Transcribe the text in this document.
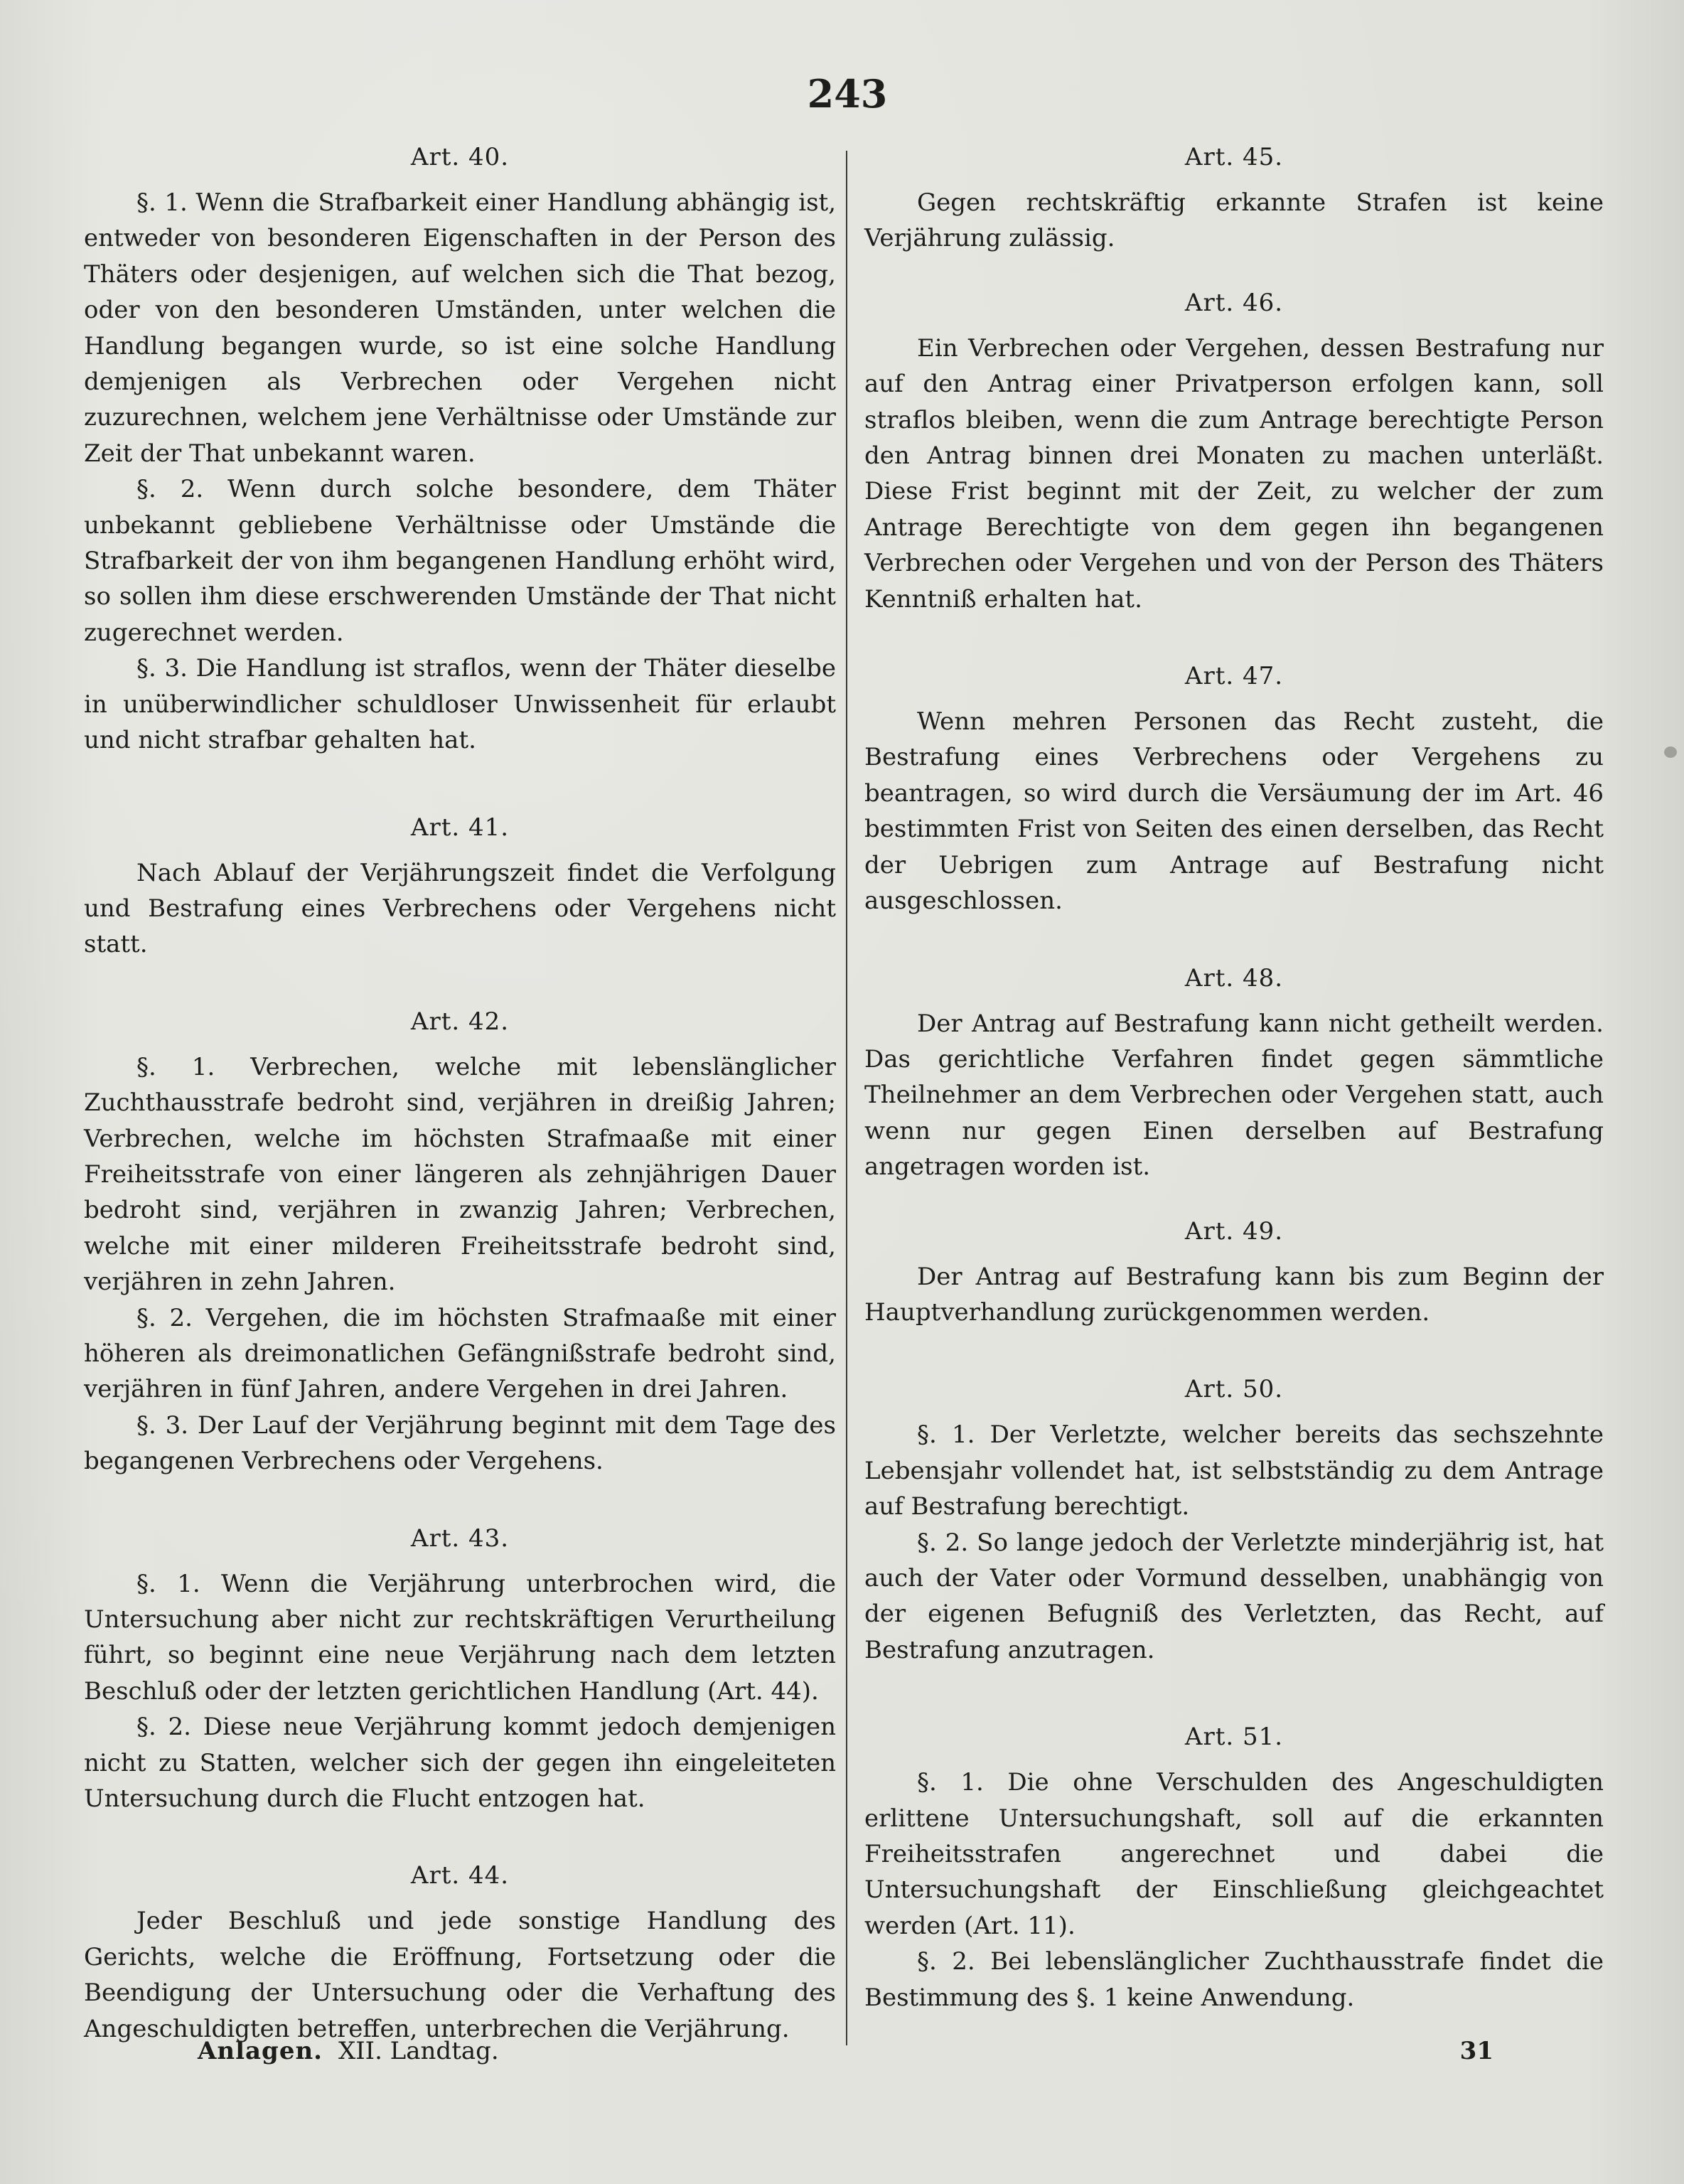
243
Art. 40.

§. 1. Wenn die Strafbarkeit einer Handlung abhängig ist, entweder von besonderen Eigenschaften in der Person des Thäters oder desjenigen, auf welchen sich die That bezog, oder von den besonderen Umständen, unter welchen die Handlung begangen wurde, so ist eine solche Handlung demjenigen als Verbrechen oder Vergehen nicht zuzurechnen, welchem jene Verhältnisse oder Umstände zur Zeit der That unbekannt waren.

§. 2. Wenn durch solche besondere, dem Thäter unbekannt gebliebene Verhältnisse oder Umstände die Strafbarkeit der von ihm begangenen Handlung erhöht wird, so sollen ihm diese erschwerenden Umstände der That nicht zugerechnet werden.

§. 3. Die Handlung ist straflos, wenn der Thäter dieselbe in unüberwindlicher schuldloser Unwissenheit für erlaubt und nicht strafbar gehalten hat.

Art. 41.

Nach Ablauf der Verjährungszeit findet die Verfolgung und Bestrafung eines Verbrechens oder Vergehens nicht statt.

Art. 42.

§. 1. Verbrechen, welche mit lebenslänglicher Zuchthausstrafe bedroht sind, verjähren in dreißig Jahren; Verbrechen, welche im höchsten Strafmaaße mit einer Freiheitsstrafe von einer längeren als zehnjährigen Dauer bedroht sind, verjähren in zwanzig Jahren; Verbrechen, welche mit einer milderen Freiheitsstrafe bedroht sind, verjähren in zehn Jahren.

§. 2. Vergehen, die im höchsten Strafmaaße mit einer höheren als dreimonatlichen Gefängnißstrafe bedroht sind, verjähren in fünf Jahren, andere Vergehen in drei Jahren.

§. 3. Der Lauf der Verjährung beginnt mit dem Tage des begangenen Verbrechens oder Vergehens.

Art. 43.

§. 1. Wenn die Verjährung unterbrochen wird, die Untersuchung aber nicht zur rechtskräftigen Verurtheilung führt, so beginnt eine neue Verjährung nach dem letzten Beschluß oder der letzten gerichtlichen Handlung (Art. 44).

§. 2. Diese neue Verjährung kommt jedoch demjenigen nicht zu Statten, welcher sich der gegen ihn eingeleiteten Untersuchung durch die Flucht entzogen hat.

Art. 44.

Jeder Beschluß und jede sonstige Handlung des Gerichts, welche die Eröffnung, Fortsetzung oder die Beendigung der Untersuchung oder die Verhaftung des Angeschuldigten betreffen, unterbrechen die Verjährung.

Art. 45.

Gegen rechtskräftig erkannte Strafen ist keine Verjährung zulässig.

Art. 46.

Ein Verbrechen oder Vergehen, dessen Bestrafung nur auf den Antrag einer Privatperson erfolgen kann, soll straflos bleiben, wenn die zum Antrage berechtigte Person den Antrag binnen drei Monaten zu machen unterläßt. Diese Frist beginnt mit der Zeit, zu welcher der zum Antrage Berechtigte von dem gegen ihn begangenen Verbrechen oder Vergehen und von der Person des Thäters Kenntniß erhalten hat.

Art. 47.

Wenn mehren Personen das Recht zusteht, die Bestrafung eines Verbrechens oder Vergehens zu beantragen, so wird durch die Versäumung der im Art. 46 bestimmten Frist von Seiten des einen derselben, das Recht der Uebrigen zum Antrage auf Bestrafung nicht ausgeschlossen.

Art. 48.

Der Antrag auf Bestrafung kann nicht getheilt werden. Das gerichtliche Verfahren findet gegen sämmtliche Theilnehmer an dem Verbrechen oder Vergehen statt, auch wenn nur gegen Einen derselben auf Bestrafung angetragen worden ist.

Art. 49.

Der Antrag auf Bestrafung kann bis zum Beginn der Hauptverhandlung zurückgenommen werden.

Art. 50.

§. 1. Der Verletzte, welcher bereits das sechszehnte Lebensjahr vollendet hat, ist selbstständig zu dem Antrage auf Bestrafung berechtigt.

§. 2. So lange jedoch der Verletzte minderjährig ist, hat auch der Vater oder Vormund desselben, unabhängig von der eigenen Befugniß des Verletzten, das Recht, auf Bestrafung anzutragen.

Art. 51.

§. 1. Die ohne Verschulden des Angeschuldigten erlittene Untersuchungshaft, soll auf die erkannten Freiheitsstrafen angerechnet und dabei die Untersuchungshaft der Einschließung gleichgeachtet werden (Art. 11).

§. 2. Bei lebenslänglicher Zuchthausstrafe findet die Bestimmung des §. 1 keine Anwendung.

Anlagen. XII. Landtag.	31
